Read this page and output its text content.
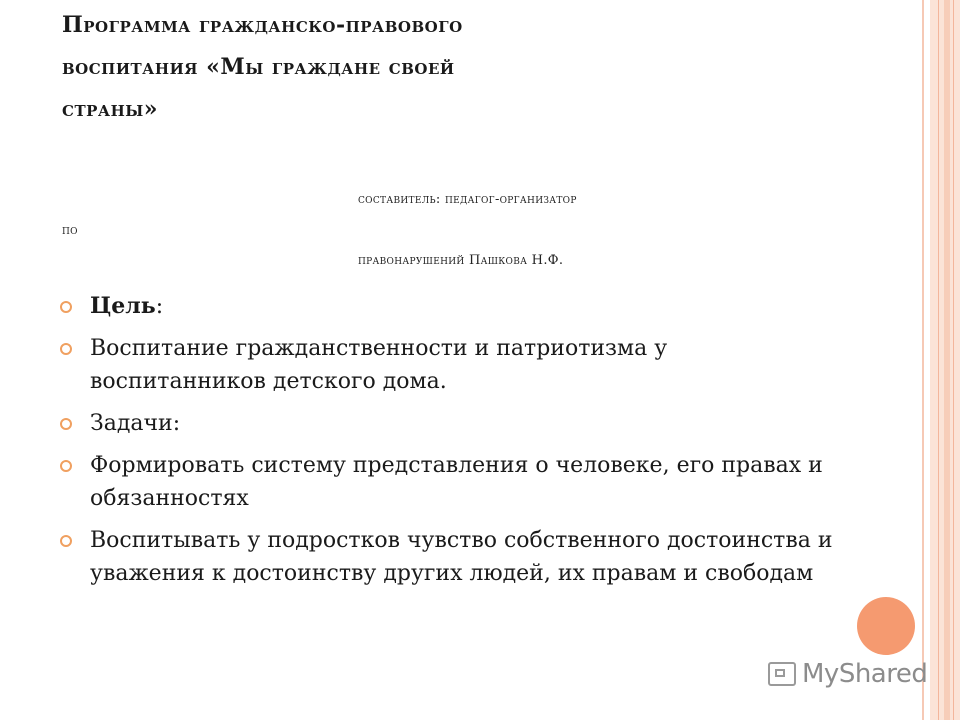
Программа гражданско-правового
воспитания «Мы граждане своей
страны»
составитель: педагог-организатор
по
правонарушений Пашкова Н.Ф.
Цель:
Воспитание гражданственности и патриотизма у воспитанников детского дома.
Задачи:
Формировать систему представления о человеке, его правах и обязанностях
Воспитывать у подростков чувство собственного достоинства и уважения к достоинству других людей, их правам и свободам
MyShared
